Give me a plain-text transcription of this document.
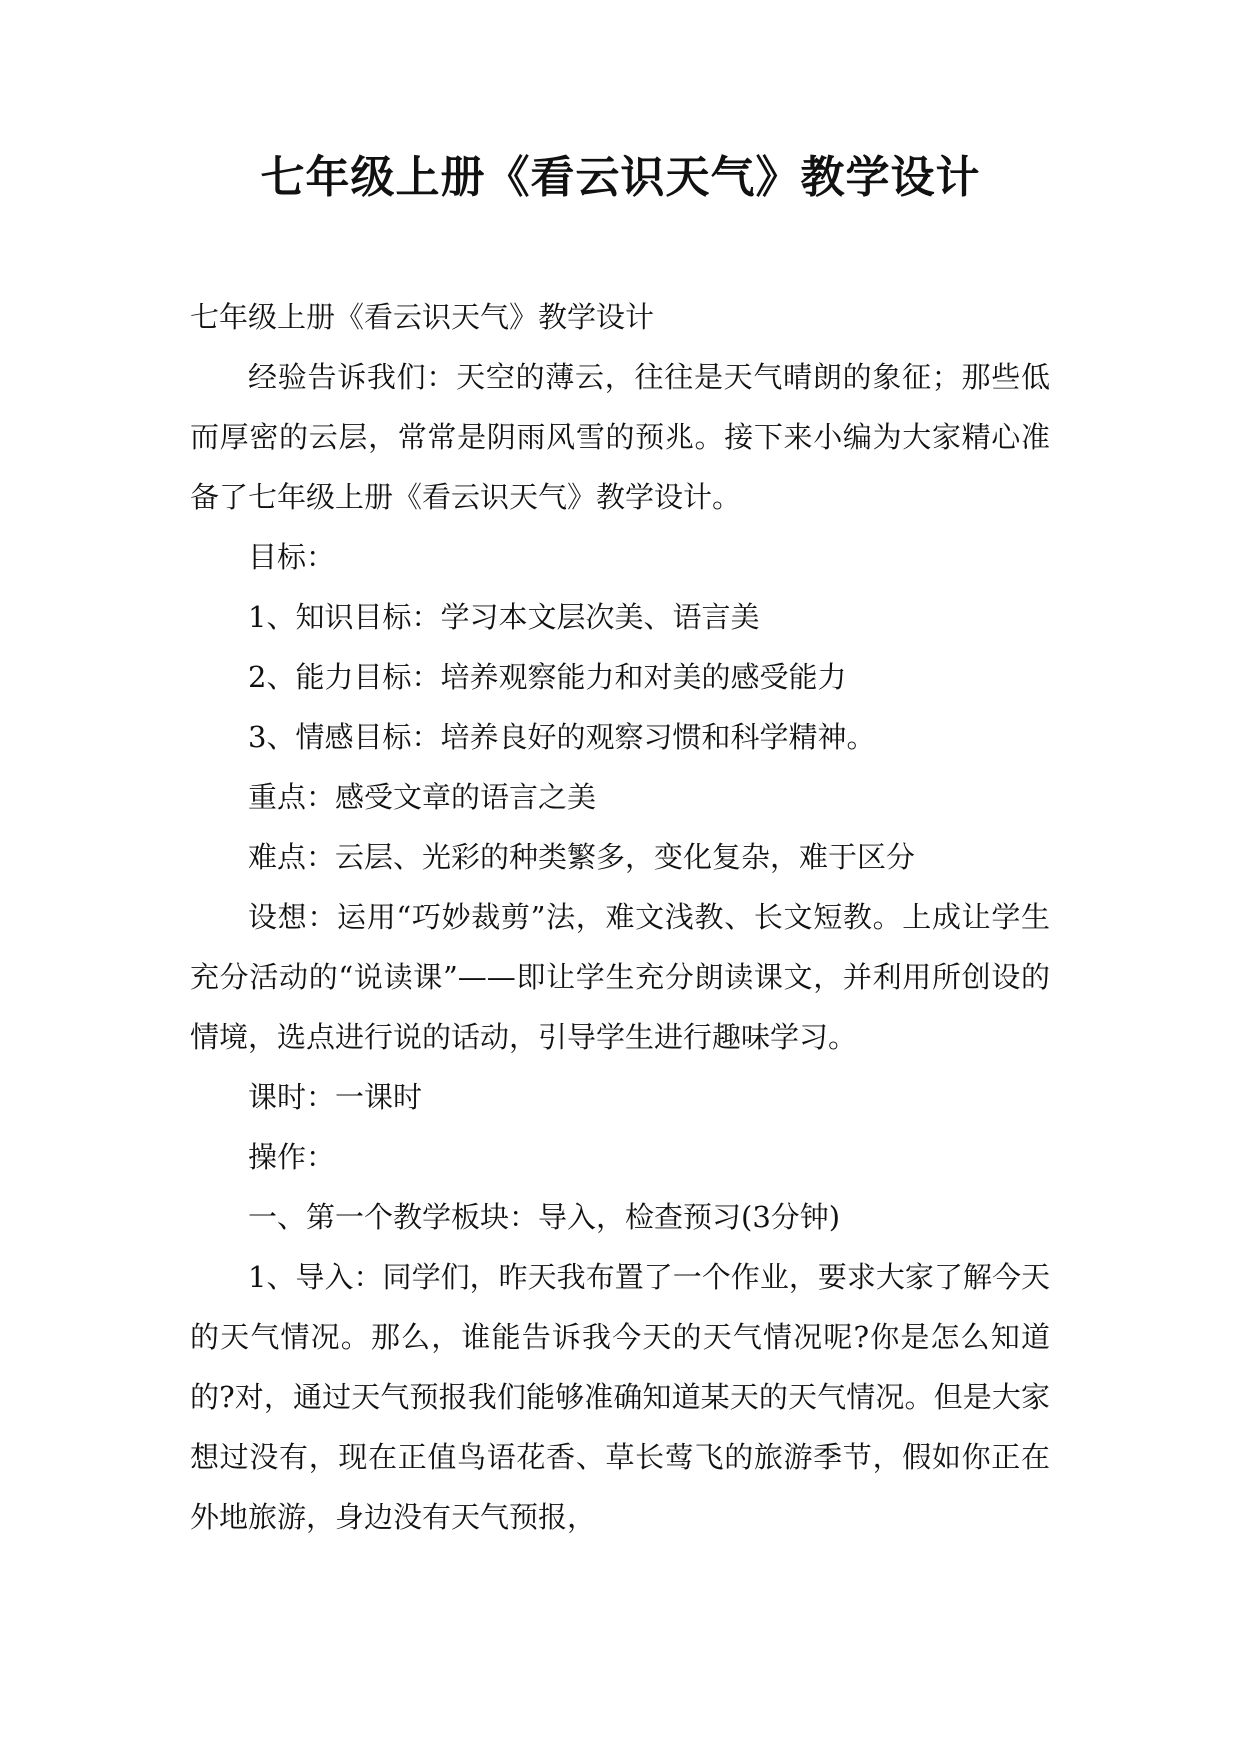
七年级上册《看云识天气》教学设计

七年级上册《看云识天气》教学设计

经验告诉我们：天空的薄云，往往是天气晴朗的象征；那些低而厚密的云层，常常是阴雨风雪的预兆。接下来小编为大家精心准备了七年级上册《看云识天气》教学设计。

目标：

1、知识目标：学习本文层次美、语言美

2、能力目标：培养观察能力和对美的感受能力

3、情感目标：培养良好的观察习惯和科学精神。

重点：感受文章的语言之美

难点：云层、光彩的种类繁多，变化复杂，难于区分

设想：运用“巧妙裁剪”法，难文浅教、长文短教。上成让学生充分活动的“说读课”——即让学生充分朗读课文，并利用所创设的情境，选点进行说的话动，引导学生进行趣味学习。

课时：一课时

操作：

一、第一个教学板块：导入，检查预习(3分钟)

1、导入：同学们，昨天我布置了一个作业，要求大家了解今天的天气情况。那么，谁能告诉我今天的天气情况呢?你是怎么知道的?对，通过天气预报我们能够准确知道某天的天气情况。但是大家想过没有，现在正值鸟语花香、草长莺飞的旅游季节，假如你正在外地旅游，身边没有天气预报，
